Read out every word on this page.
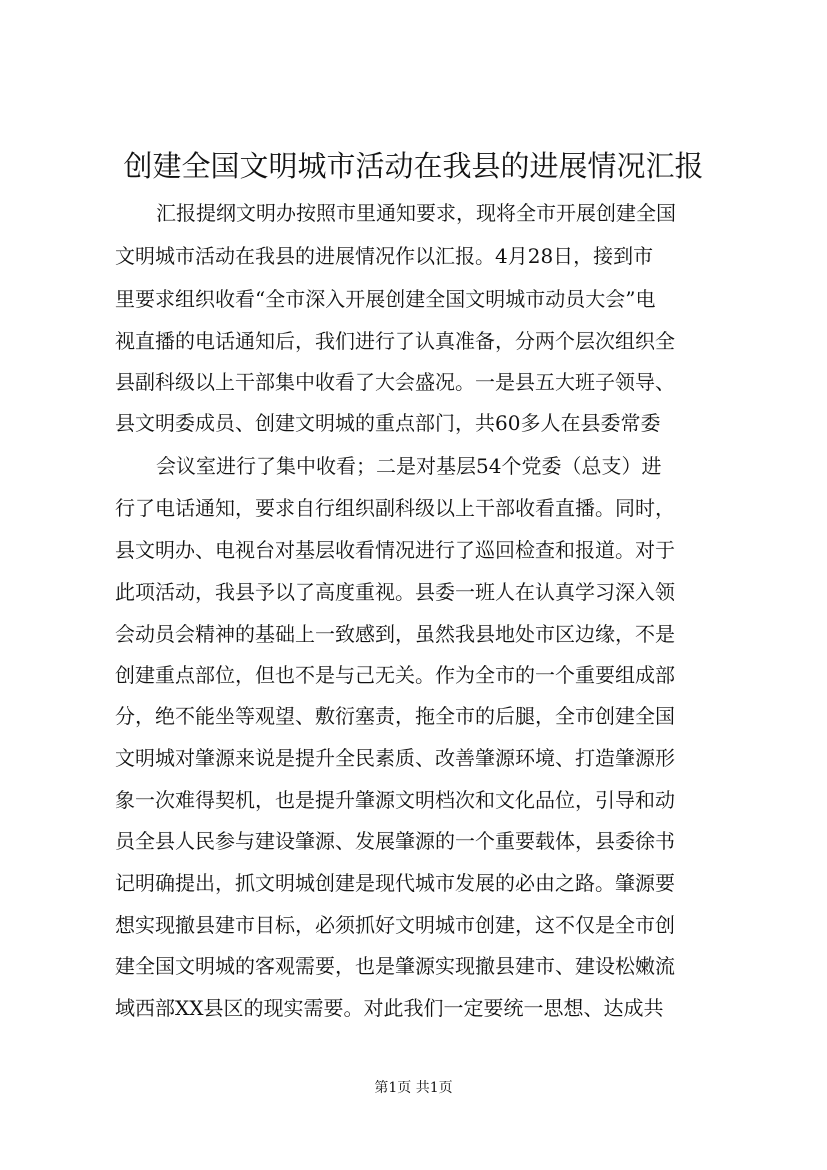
创建全国文明城市活动在我县的进展情况汇报
汇报提纲文明办按照市里通知要求，现将全市开展创建全国
文明城市活动在我县的进展情况作以汇报。4月28日，接到市
里要求组织收看“全市深入开展创建全国文明城市动员大会”电
视直播的电话通知后，我们进行了认真准备，分两个层次组织全
县副科级以上干部集中收看了大会盛况。一是县五大班子领导、
县文明委成员、创建文明城的重点部门，共60多人在县委常委
会议室进行了集中收看；二是对基层54个党委（总支）进
行了电话通知，要求自行组织副科级以上干部收看直播。同时，
县文明办、电视台对基层收看情况进行了巡回检查和报道。对于
此项活动，我县予以了高度重视。县委一班人在认真学习深入领
会动员会精神的基础上一致感到，虽然我县地处市区边缘，不是
创建重点部位，但也不是与己无关。作为全市的一个重要组成部
分，绝不能坐等观望、敷衍塞责，拖全市的后腿，全市创建全国
文明城对肇源来说是提升全民素质、改善肇源环境、打造肇源形
象一次难得契机，也是提升肇源文明档次和文化品位，引导和动
员全县人民参与建设肇源、发展肇源的一个重要载体，县委徐书
记明确提出，抓文明城创建是现代城市发展的必由之路。肇源要
想实现撤县建市目标，必须抓好文明城市创建，这不仅是全市创
建全国文明城的客观需要，也是肇源实现撤县建市、建设松嫩流
域西部XX县区的现实需要。对此我们一定要统一思想、达成共
第1页 共1页
